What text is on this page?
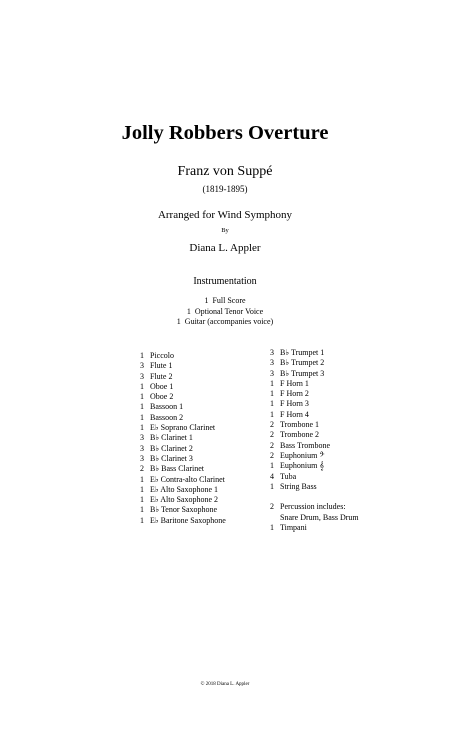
Jolly Robbers Overture
Franz von Suppé
(1819-1895)
Arranged for Wind Symphony
By
Diana L. Appler
Instrumentation
1 Full Score
1 Optional Tenor Voice
1 Guitar (accompanies voice)
1 Piccolo
3 Flute 1
3 Flute 2
1 Oboe 1
1 Oboe 2
1 Bassoon 1
1 Bassoon 2
1 E♭ Soprano Clarinet
3 B♭ Clarinet 1
3 B♭ Clarinet 2
3 B♭ Clarinet 3
2 B♭ Bass Clarinet
1 E♭ Contra-alto Clarinet
1 E♭ Alto Saxophone 1
1 E♭ Alto Saxophone 2
1 B♭ Tenor Saxophone
1 E♭ Baritone Saxophone
3 B♭ Trumpet 1
3 B♭ Trumpet 2
3 B♭ Trumpet 3
1 F Horn 1
1 F Horn 2
1 F Horn 3
1 F Horn 4
2 Trombone 1
2 Trombone 2
2 Bass Trombone
2 Euphonium 𝄢
1 Euphonium 𝄞
4 Tuba
1 String Bass
2 Percussion includes:
Snare Drum, Bass Drum
1 Timpani
© 2018 Diana L. Appler
